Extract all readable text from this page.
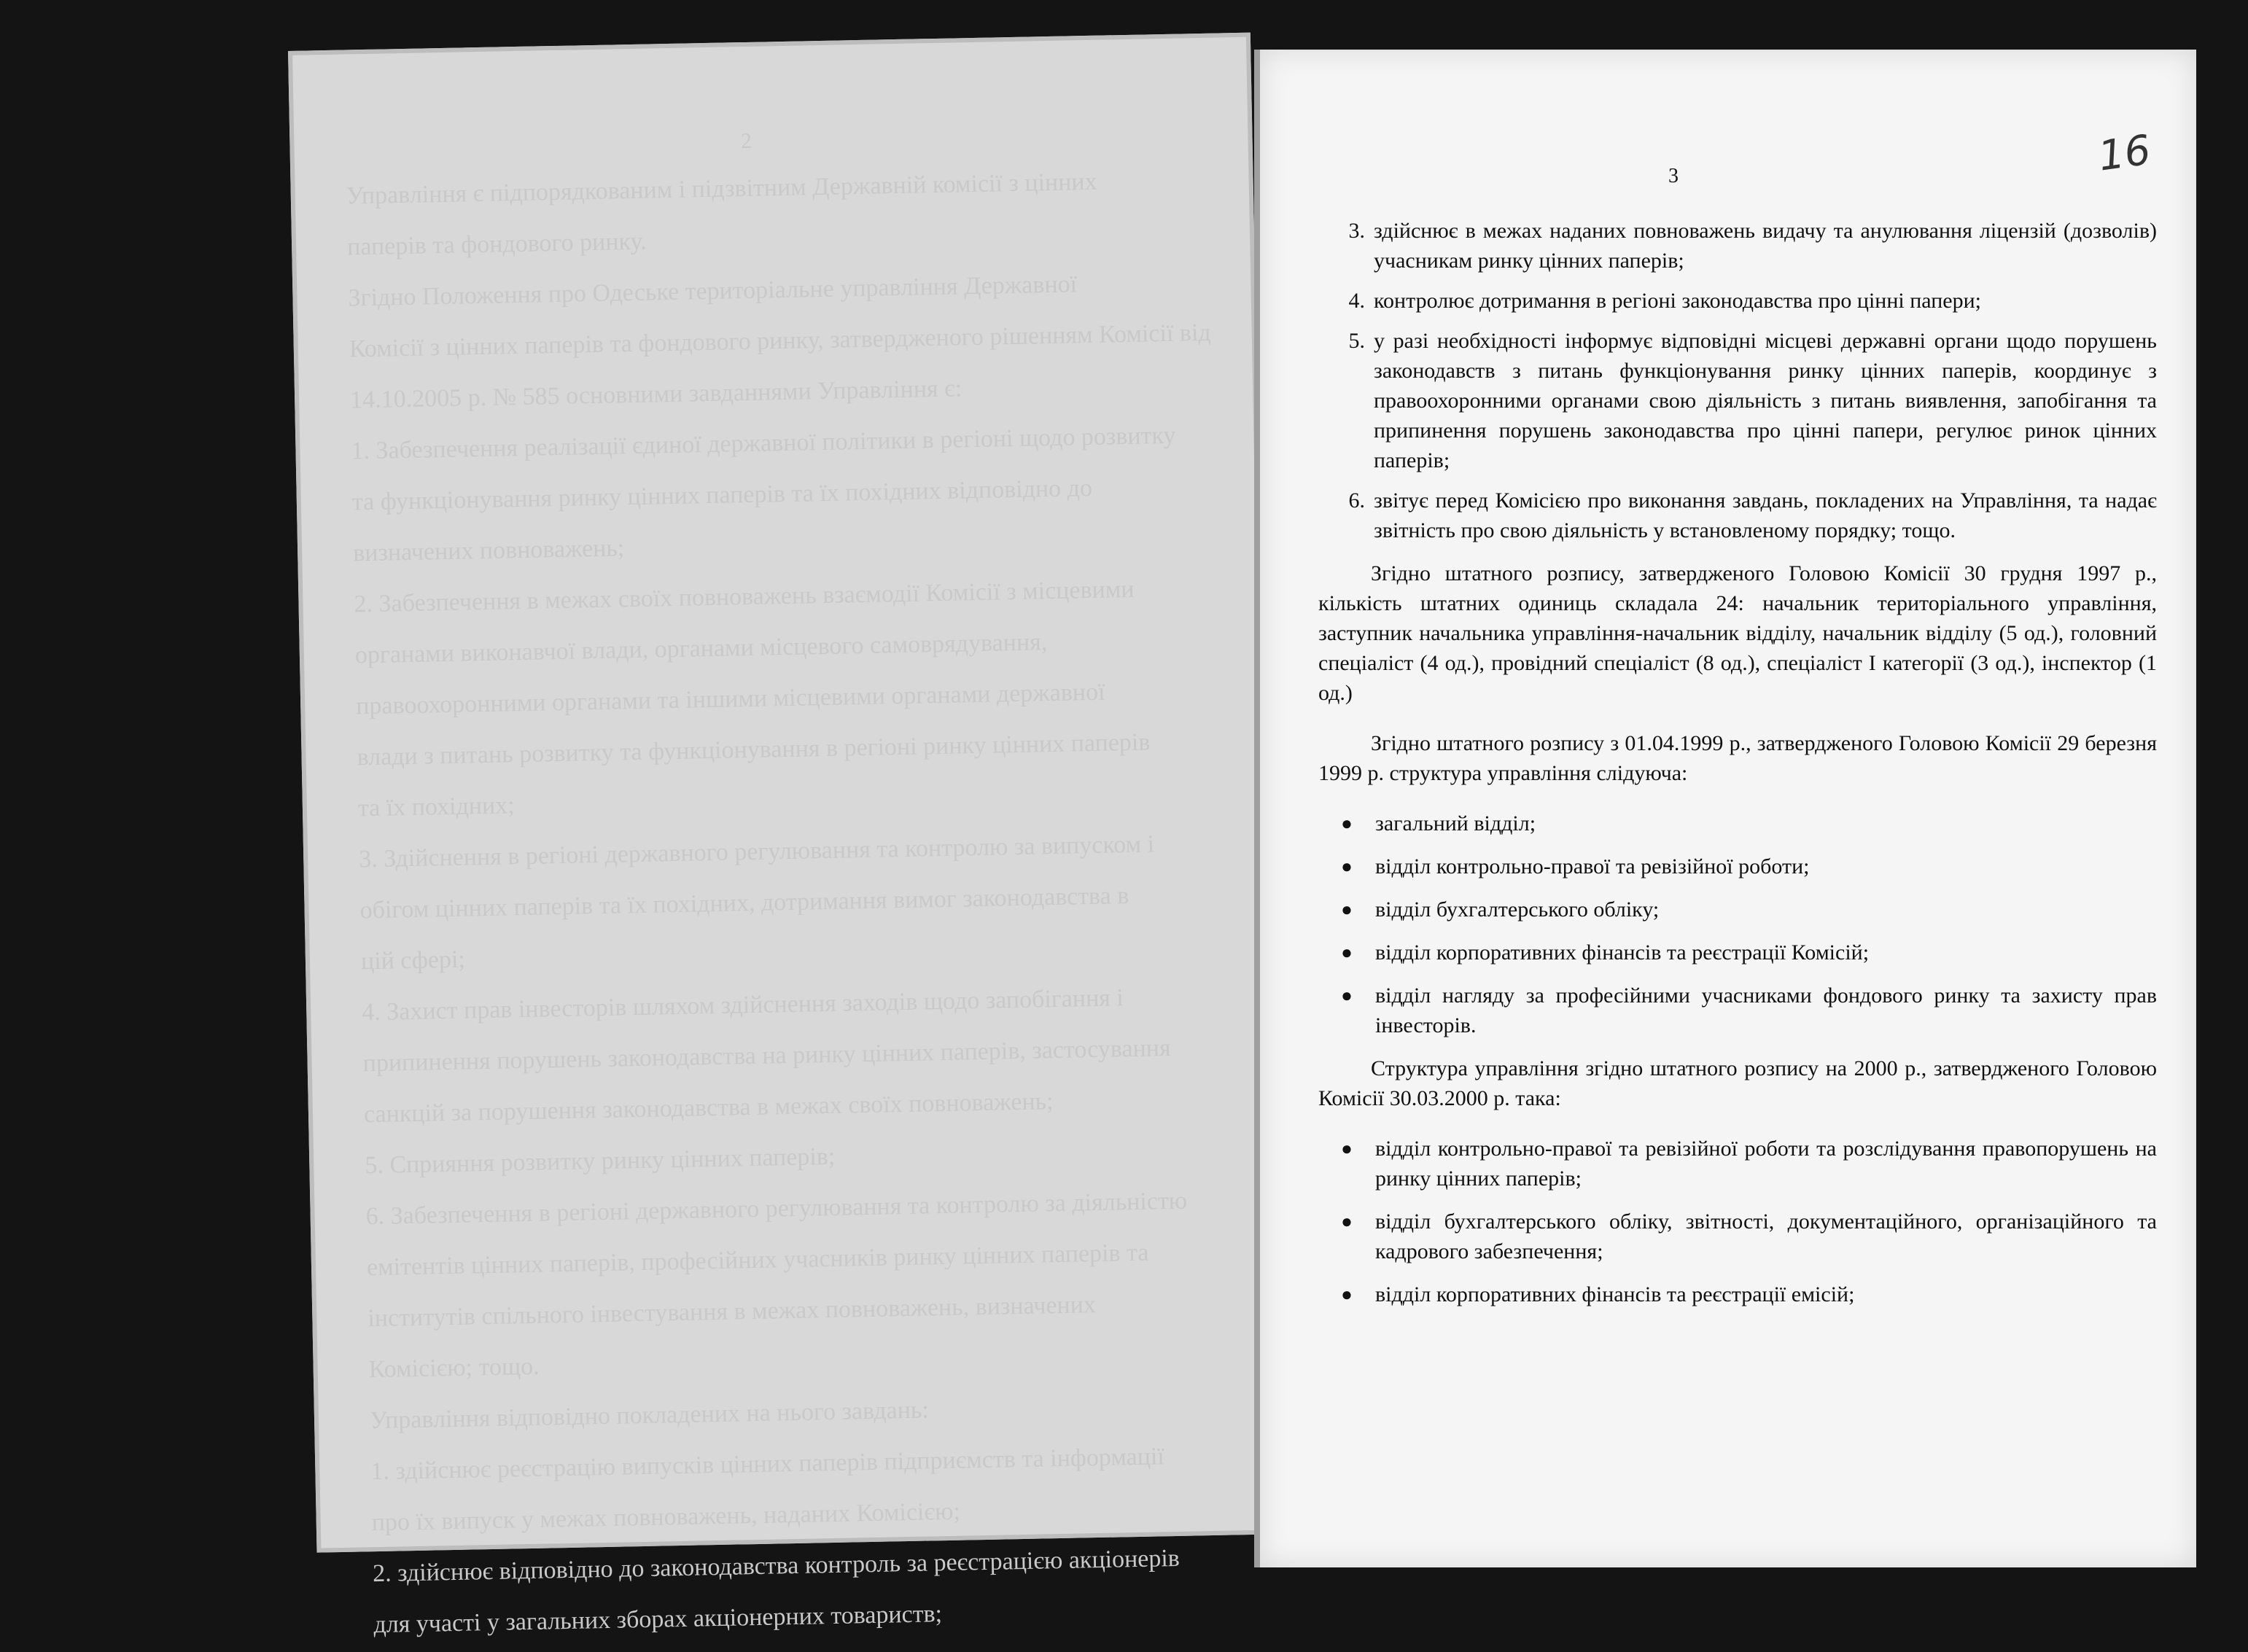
2
Управління є підпорядкованим і підзвітним Державній комісії з цінних
паперів та фондового ринку.
Згідно Положення про Одеське територіальне управління Державної
Комісії з цінних паперів та фондового ринку, затвердженого рішенням Комісії від
14.10.2005 р. № 585 основними завданнями Управління є:
1. Забезпечення реалізації єдиної державної політики в регіоні щодо розвитку
та функціонування ринку цінних паперів та їх похідних відповідно до
визначених повноважень;
2. Забезпечення в межах своїх повноважень взаємодії Комісії з місцевими
органами виконавчої влади, органами місцевого самоврядування,
правоохоронними органами та іншими місцевими органами державної
влади з питань розвитку та функціонування в регіоні ринку цінних паперів
та їх похідних;
3. Здійснення в регіоні державного регулювання та контролю за випуском і
обігом цінних паперів та їх похідних, дотримання вимог законодавства в
цій сфері;
4. Захист прав інвесторів шляхом здійснення заходів щодо запобігання і
припинення порушень законодавства на ринку цінних паперів, застосування
санкцій за порушення законодавства в межах своїх повноважень;
5. Сприяння розвитку ринку цінних паперів;
6. Забезпечення в регіоні державного регулювання та контролю за діяльністю
емітентів цінних паперів, професійних учасників ринку цінних паперів та
інститутів спільного інвестування в межах повноважень, визначених
Комісією; тощо.
Управління відповідно покладених на нього завдань:
1. здійснює реєстрацію випусків цінних паперів підприємств та інформації
про їх випуск у межах повноважень, наданих Комісією;
2. здійснює відповідно до законодавства контроль за реєстрацією акціонерів
для участі у загальних зборах акціонерних товариств;
3	16
3. здійснює в межах наданих повноважень видачу та анулювання ліцензій (дозволів) учасникам ринку цінних паперів;
4. контролює дотримання в регіоні законодавства про цінні папери;
5. у разі необхідності інформує відповідні місцеві державні органи щодо порушень законодавств з питань функціонування ринку цінних паперів, координує з правоохоронними органами свою діяльність з питань виявлення, запобігання та припинення порушень законодавства про цінні папери, регулює ринок цінних паперів;
6. звітує перед Комісією про виконання завдань, покладених на Управління, та надає звітність про свою діяльність у встановленому порядку; тощо.
Згідно штатного розпису, затвердженого Головою Комісії 30 грудня 1997 р., кількість штатних одиниць складала 24: начальник територіального управління, заступник начальника управління-начальник відділу, начальник відділу (5 од.), головний спеціаліст (4 од.), провідний спеціаліст (8 од.), спеціаліст І категорії (3 од.), інспектор (1 од.)
Згідно штатного розпису з 01.04.1999 р., затвердженого Головою Комісії 29 березня 1999 р. структура управління слідуюча:
●	загальний відділ;
●	відділ контрольно-правої та ревізійної роботи;
●	відділ бухгалтерського обліку;
●	відділ корпоративних фінансів та реєстрації Комісій;
●	відділ нагляду за професійними учасниками фондового ринку та захисту прав інвесторів.
Структура управління згідно штатного розпису на 2000 р., затвердженого Головою Комісії 30.03.2000 р. така:
●	відділ контрольно-правої та ревізійної роботи та розслідування правопорушень на ринку цінних паперів;
●	відділ бухгалтерського обліку, звітності, документаційного, організаційного та кадрового забезпечення;
●	відділ корпоративних фінансів та реєстрації емісій;
